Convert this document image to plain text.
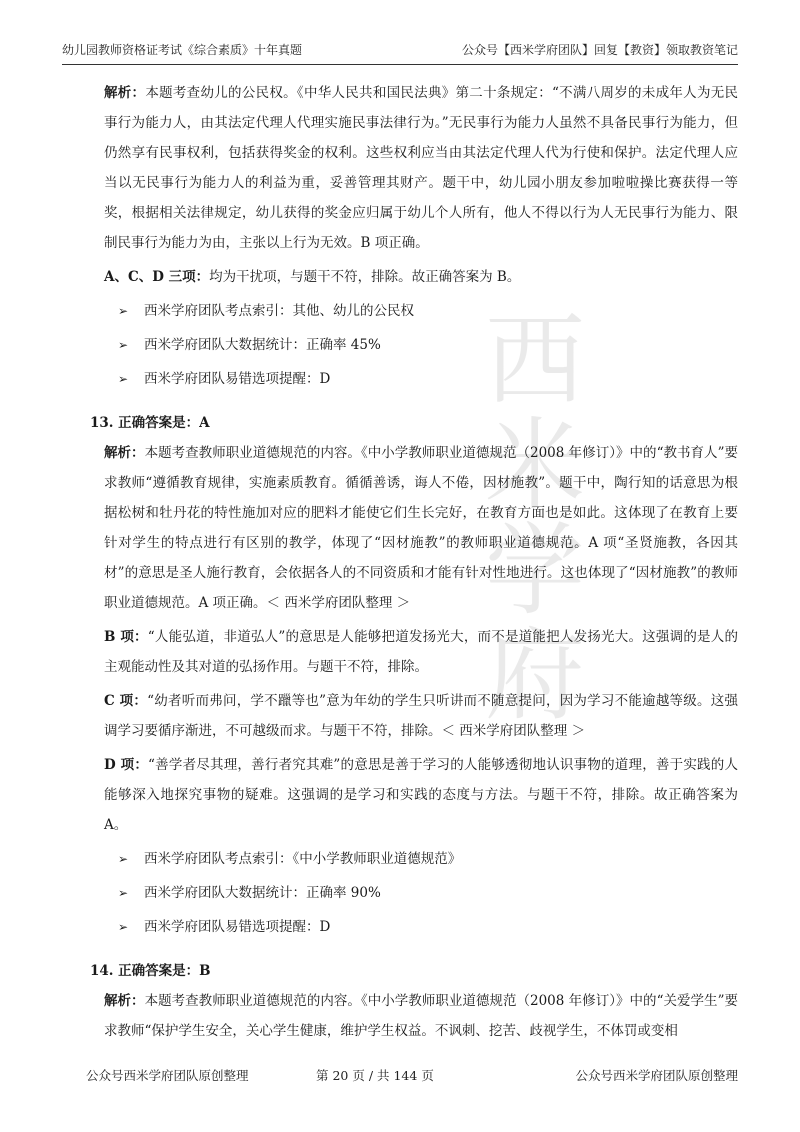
幼儿园教师资格证考试《综合素质》十年真题	公众号【西米学府团队】回复【教资】领取教资笔记
西
米
学
府

解析：本题考查幼儿的公民权。《中华人民共和国民法典》第二十条规定：“不满八周岁的未成年人为无民事行为能力人，由其法定代理人代理实施民事法律行为。”无民事行为能力人虽然不具备民事行为能力，但仍然享有民事权利，包括获得奖金的权利。这些权利应当由其法定代理人代为行使和保护。法定代理人应当以无民事行为能力人的利益为重，妥善管理其财产。题干中，幼儿园小朋友参加啦啦操比赛获得一等奖，根据相关法律规定，幼儿获得的奖金应归属于幼儿个人所有，他人不得以行为人无民事行为能力、限制民事行为能力为由，主张以上行为无效。B 项正确。

A、C、D 三项：均为干扰项，与题干不符，排除。故正确答案为 B。

➢	西米学府团队考点索引：其他、幼儿的公民权
➢	西米学府团队大数据统计：正确率 45%
➢	西米学府团队易错选项提醒：D
13. 正确答案是：A

解析：本题考查教师职业道德规范的内容。《中小学教师职业道德规范（2008 年修订）》中的“教书育人”要求教师“遵循教育规律，实施素质教育。循循善诱，诲人不倦，因材施教”。题干中，陶行知的话意思为根据松树和牡丹花的特性施加对应的肥料才能使它们生长完好，在教育方面也是如此。这体现了在教育上要针对学生的特点进行有区别的教学，体现了“因材施教”的教师职业道德规范。A 项“圣贤施教，各因其材”的意思是圣人施行教育，会依据各人的不同资质和才能有针对性地进行。这也体现了“因材施教”的教师职业道德规范。A 项正确。＜ 西米学府团队整理 ＞

B 项：“人能弘道，非道弘人”的意思是人能够把道发扬光大，而不是道能把人发扬光大。这强调的是人的主观能动性及其对道的弘扬作用。与题干不符，排除。

C 项：“幼者听而弗问，学不躐等也”意为年幼的学生只听讲而不随意提问，因为学习不能逾越等级。这强调学习要循序渐进，不可越级而求。与题干不符，排除。＜ 西米学府团队整理 ＞

D 项：“善学者尽其理，善行者究其难”的意思是善于学习的人能够透彻地认识事物的道理，善于实践的人能够深入地探究事物的疑难。这强调的是学习和实践的态度与方法。与题干不符，排除。故正确答案为 A。

➢	西米学府团队考点索引：《中小学教师职业道德规范》
➢	西米学府团队大数据统计：正确率 90%
➢	西米学府团队易错选项提醒：D
14. 正确答案是：B

解析：本题考查教师职业道德规范的内容。《中小学教师职业道德规范（2008 年修订）》中的“关爱学生”要求教师“保护学生安全，关心学生健康，维护学生权益。不讽刺、挖苦、歧视学生，不体罚或变相

公众号西米学府团队原创整理	第 20 页 / 共 144 页	公众号西米学府团队原创整理
